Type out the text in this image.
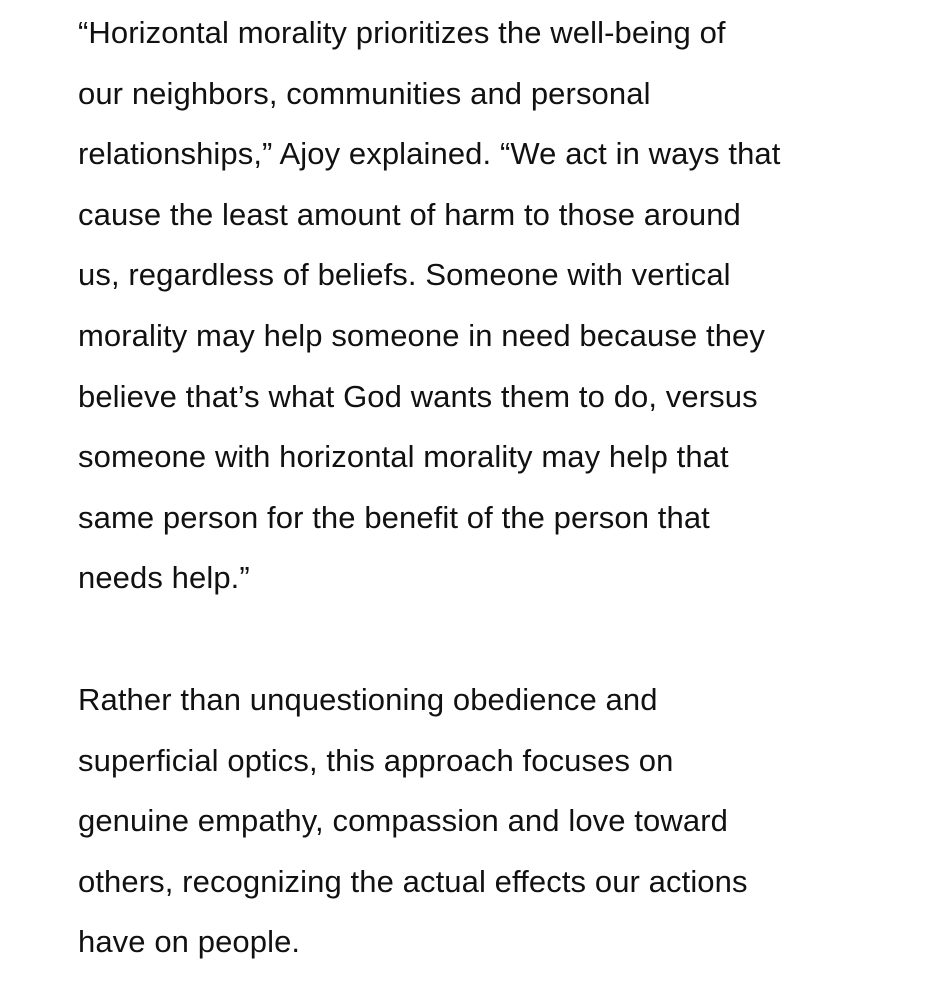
“Horizontal morality prioritizes the well-being of
our neighbors, communities and personal
relationships,” Ajoy explained. “We act in ways that
cause the least amount of harm to those around
us, regardless of beliefs. Someone with vertical
morality may help someone in need because they
believe that’s what God wants them to do, versus
someone with horizontal morality may help that
same person for the benefit of the person that
needs help.”

Rather than unquestioning obedience and
superficial optics, this approach focuses on
genuine empathy, compassion and love toward
others, recognizing the actual effects our actions
have on people.
